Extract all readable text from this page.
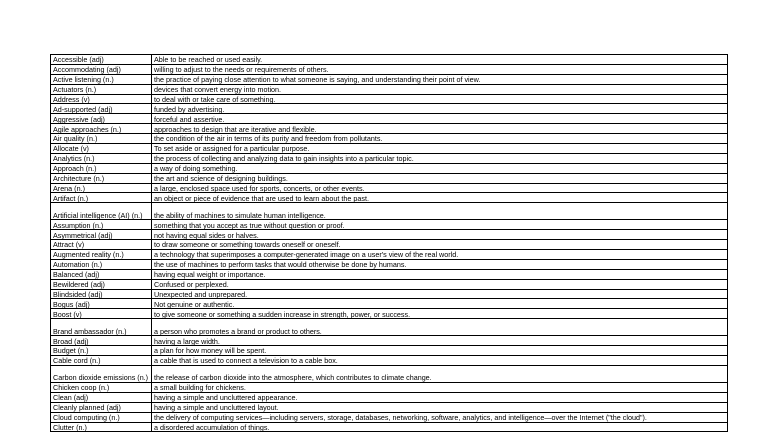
Accessible (adj)	Able to be reached or used easily.
Accommodating (adj)	willing to adjust to the needs or requirements of others.
Active listening (n.)	the practice of paying close attention to what someone is saying, and understanding their point of view.
Actuators (n.)	devices that convert energy into motion.
Address (v)	to deal with or take care of something.
Ad-supported (adj)	funded by advertising.
Aggressive (adj)	forceful and assertive.
Agile approaches (n.)	approaches to design that are iterative and flexible.
Air quality (n.)	the condition of the air in terms of its purity and freedom from pollutants.
Allocate (v)	To set aside or assigned for a particular purpose.
Analytics (n.)	the process of collecting and analyzing data to gain insights into a particular topic.
Approach (n.)	a way of doing something.
Architecture (n.)	the art and science of designing buildings.
Arena (n.)	a large, enclosed space used for sports, concerts, or other events.
Artifact (n.)	an object or piece of evidence that are used to learn about the past.
Artificial intelligence (AI) (n.)	the ability of machines to simulate human intelligence.
Assumption (n.)	something that you accept as true without question or proof.
Asymmetrical (adj)	not having equal sides or halves.
Attract (v)	to draw someone or something towards oneself or oneself.
Augmented reality (n.)	a technology that superimposes a computer-generated image on a user's view of the real world.
Automation (n.)	the use of machines to perform tasks that would otherwise be done by humans.
Balanced (adj)	having equal weight or importance.
Bewildered (adj)	Confused or perplexed.
Blindsided (adj)	Unexpected and unprepared.
Bogus (adj)	Not genuine or authentic.
Boost (v)	to give someone or something a sudden increase in strength, power, or success.
Brand ambassador (n.)	a person who promotes a brand or product to others.
Broad (adj)	having a large width.
Budget (n.)	a plan for how money will be spent.
Cable cord (n.)	a cable that is used to connect a television to a cable box.
Carbon dioxide emissions (n.)	the release of carbon dioxide into the atmosphere, which contributes to climate change.
Chicken coop (n.)	a small building for chickens.
Clean (adj)	having a simple and uncluttered appearance.
Cleanly planned (adj)	having a simple and uncluttered layout.
Cloud computing (n.)	the delivery of computing services—including servers, storage, databases, networking, software, analytics, and intelligence—over the Internet ("the cloud").
Clutter (n.)	a disordered accumulation of things.
